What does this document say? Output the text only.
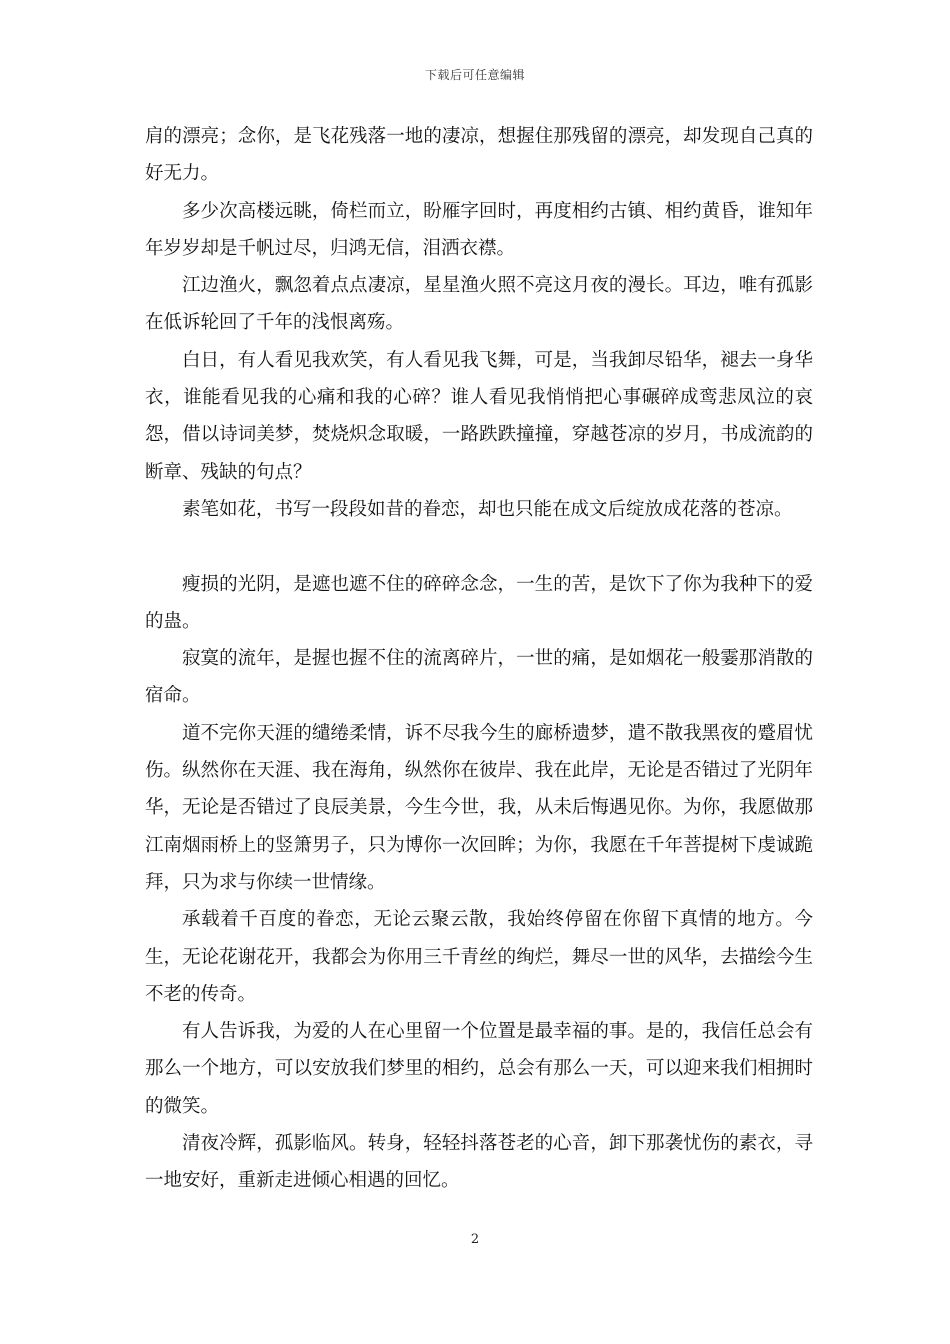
下载后可任意编辑

肩的漂亮；念你，是飞花残落一地的凄凉，想握住那残留的漂亮，却发现自己真的好无力。

多少次高楼远眺，倚栏而立，盼雁字回时，再度相约古镇、相约黄昏，谁知年年岁岁却是千帆过尽，归鸿无信，泪洒衣襟。

江边渔火，飘忽着点点凄凉，星星渔火照不亮这月夜的漫长。耳边，唯有孤影在低诉轮回了千年的浅恨离殇。

白日，有人看见我欢笑，有人看见我飞舞，可是，当我卸尽铅华，褪去一身华衣，谁能看见我的心痛和我的心碎？谁人看见我悄悄把心事碾碎成鸾悲凤泣的哀怨，借以诗词美梦，焚烧炽念取暖，一路跌跌撞撞，穿越苍凉的岁月，书成流韵的断章、残缺的句点？

素笔如花，书写一段段如昔的眷恋，却也只能在成文后绽放成花落的苍凉。

瘦损的光阴，是遮也遮不住的碎碎念念，一生的苦，是饮下了你为我种下的爱的蛊。

寂寞的流年，是握也握不住的流离碎片，一世的痛，是如烟花一般霎那消散的宿命。

道不完你天涯的缱绻柔情，诉不尽我今生的廊桥遗梦，遣不散我黑夜的蹙眉忧伤。纵然你在天涯、我在海角，纵然你在彼岸、我在此岸，无论是否错过了光阴年华，无论是否错过了良辰美景，今生今世，我，从未后悔遇见你。为你，我愿做那江南烟雨桥上的竖箫男子，只为博你一次回眸；为你，我愿在千年菩提树下虔诚跪拜，只为求与你续一世情缘。

承载着千百度的眷恋，无论云聚云散，我始终停留在你留下真情的地方。今生，无论花谢花开，我都会为你用三千青丝的绚烂，舞尽一世的风华，去描绘今生不老的传奇。

有人告诉我，为爱的人在心里留一个位置是最幸福的事。是的，我信任总会有那么一个地方，可以安放我们梦里的相约，总会有那么一天，可以迎来我们相拥时的微笑。

清夜冷辉，孤影临风。转身，轻轻抖落苍老的心音，卸下那袭忧伤的素衣，寻一地安好，重新走进倾心相遇的回忆。

2
